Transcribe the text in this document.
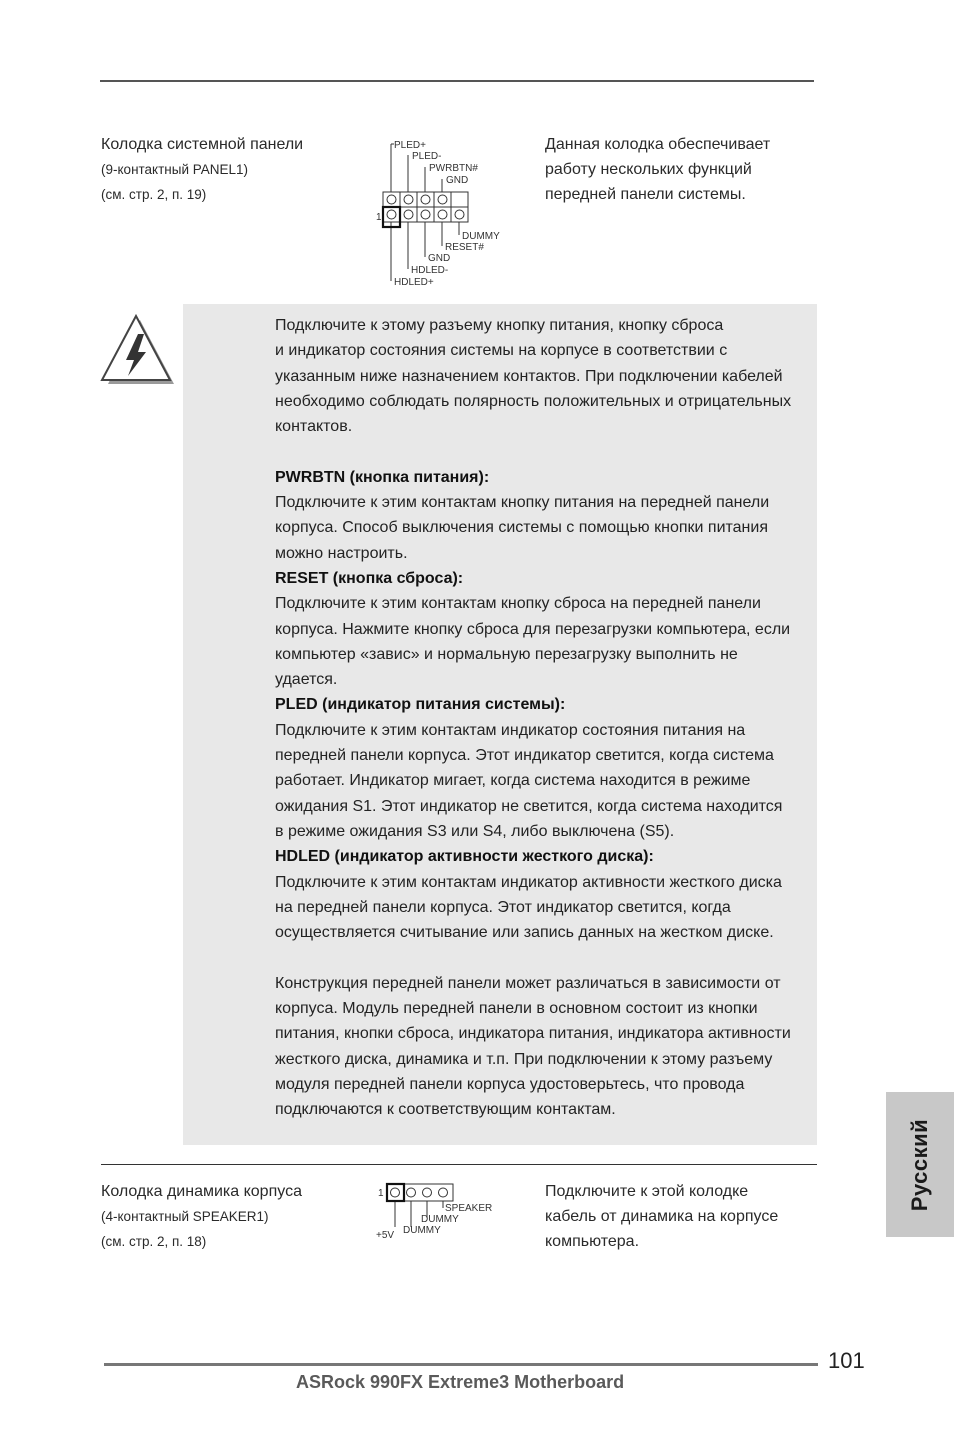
Колодка системной панели
(9-контактный PANEL1)
(см. стр. 2, п. 19)
PLED+
PLED-
PWRBTN#
GND
1
DUMMY
RESET#
GND
HDLED-
HDLED+
Данная колодка обеспечивает
работу нескольких функций
передней панели системы.

Подключите к этому разъему кнопку питания, кнопку сброса

и индикатор состояния системы на корпусе в соответствии с

указанным ниже назначением контактов. При подключении кабелей

необходимо соблюдать полярность положительных и отрицательных

контактов.

PWRBTN (кнопка питания):

Подключите к этим контактам кнопку питания на передней панели

корпуса. Способ выключения системы с помощью кнопки питания

можно настроить.

RESET (кнопка сброса):

Подключите к этим контактам кнопку сброса на передней панели

корпуса. Нажмите кнопку сброса для перезагрузки компьютера, если

компьютер «завис» и нормальную перезагрузку выполнить не

удается.

PLED (индикатор питания системы):

Подключите к этим контактам индикатор состояния питания на

передней панели корпуса. Этот индикатор светится, когда система

работает. Индикатор мигает, когда система находится в режиме

ожидания S1. Этот индикатор не светится, когда система находится

в режиме ожидания S3 или S4, либо выключена (S5).

HDLED (индикатор активности жесткого диска):

Подключите к этим контактам индикатор активности жесткого диска

на передней панели корпуса. Этот индикатор светится, когда

осуществляется считывание или запись данных на жестком диске.

Конструкция передней панели может различаться в зависимости от

корпуса. Модуль передней панели в основном состоит из кнопки

питания, кнопки сброса, индикатора питания, индикатора активности

жесткого диска, динамика и т.п. При подключении к этому разъему

модуля передней панели корпуса удостоверьтесь, что провода

подключаются к соответствующим контактам.

Колодка динамика корпуса
(4-контактный SPEAKER1)
(см. стр. 2, п. 18)
1
SPEAKER
DUMMY
+5V DUMMY
Подключите к этой колодке
кабель от динамика на корпусе
компьютера.
Русский
101
ASRock 990FX Extreme3 Motherboard
